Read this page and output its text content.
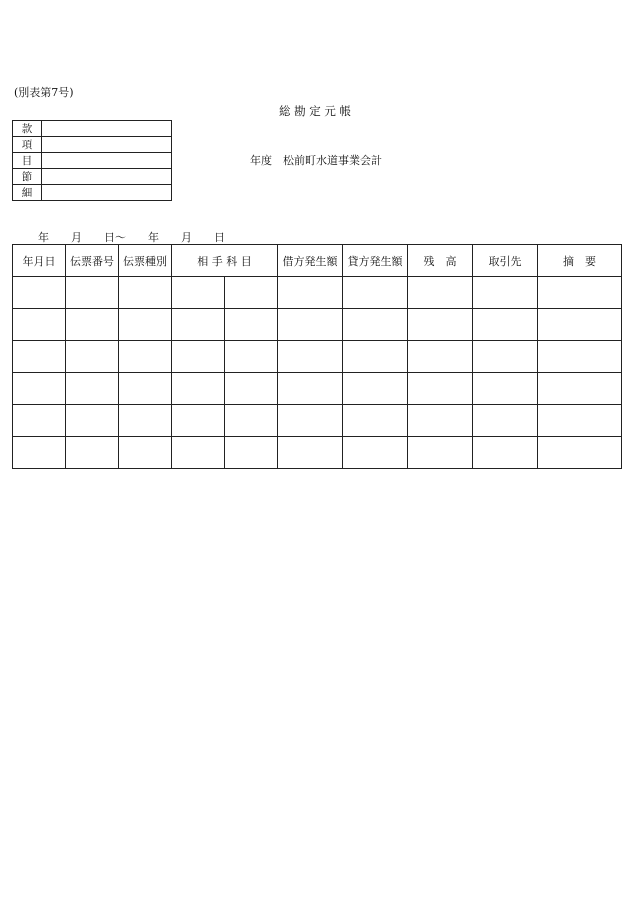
(別表第7号)
総 勘 定 元 帳
款	
項	
目	
節	
細	
年度　松前町水道事業会計
年　　月　　日～　　年　　月　　日
年月日	伝票番号	伝票種別	相 手 科 目		借方発生額	貸方発生額	残　高	取引先	摘　要
